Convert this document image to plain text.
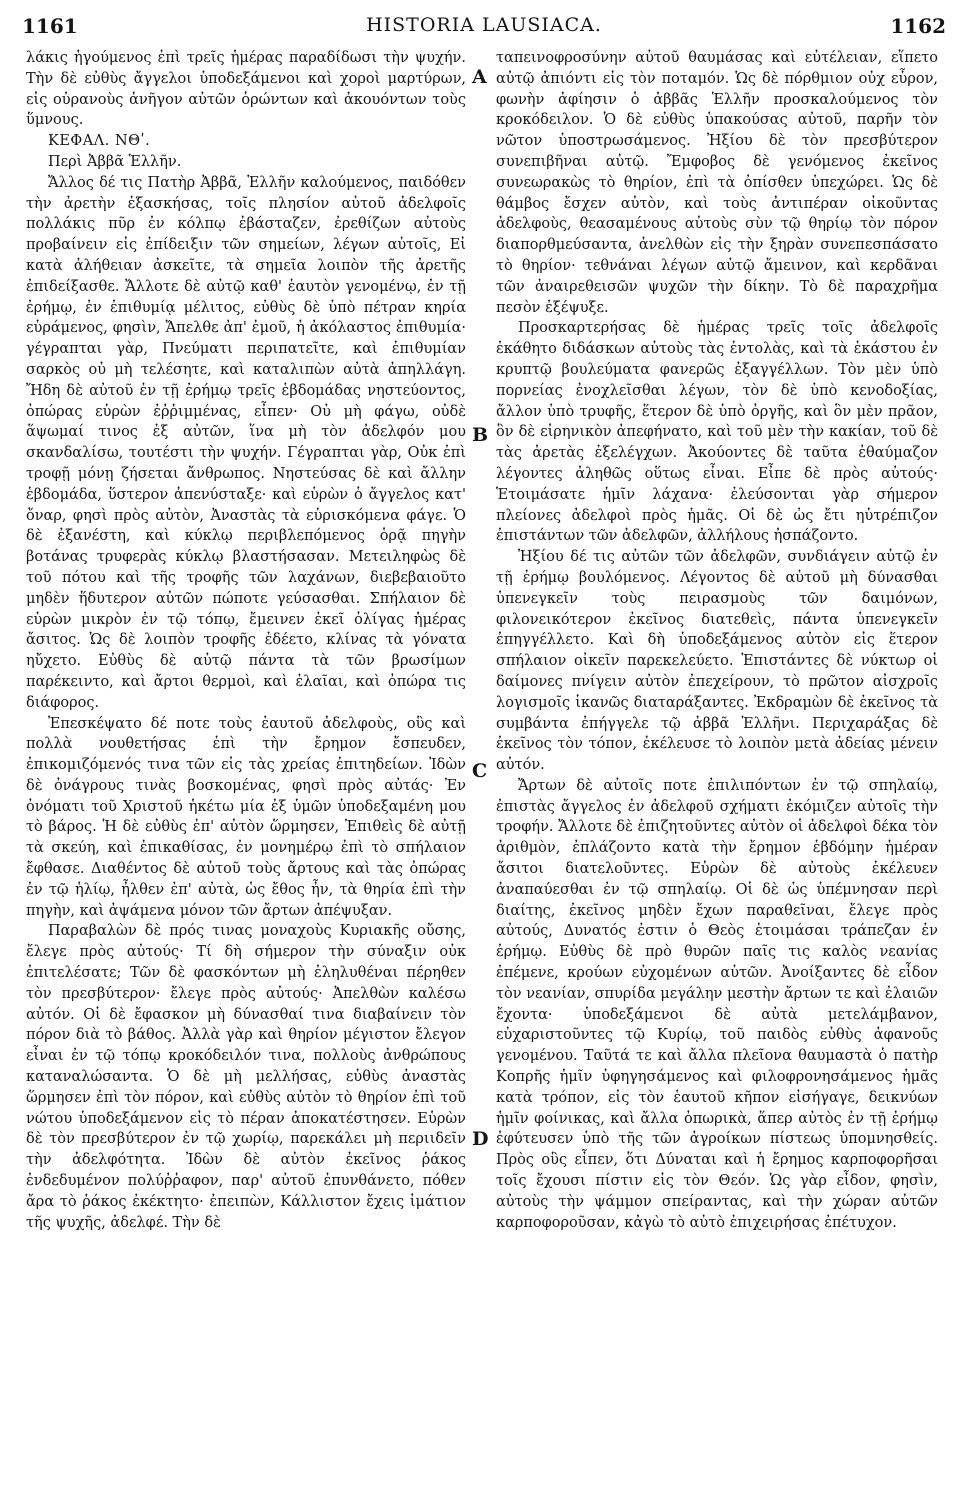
1161	HISTORIA LAUSIACA.	1162
A
B
C
D

λάκις ἡγούμενος ἐπὶ τρεῖς ἡμέρας παραδίδωσι τὴν ψυχήν. Τὴν δὲ εὐθὺς ἄγγελοι ὑποδεξάμενοι καὶ χοροὶ μαρτύρων, εἰς οὐρανοὺς ἀνῆγον αὐτῶν ὁρώντων καὶ ἀκουόντων τοὺς ὕμνους.

ΚΕΦΑΛ. ΝΘʹ.

Περὶ Ἀββᾶ Ἑλλῆν.

Ἄλλος δέ τις Πατὴρ Ἀββᾶ, Ἑλλῆν καλούμενος, παιδόθεν τὴν ἀρετὴν ἐξασκήσας, τοῖς πλησίον αὐτοῦ ἀδελφοῖς πολλάκις πῦρ ἐν κόλπῳ ἐβάσταζεν, ἐρεθίζων αὐτοὺς προβαίνειν εἰς ἐπίδειξιν τῶν σημείων, λέγων αὐτοῖς, Εἰ κατὰ ἀλήθειαν ἀσκεῖτε, τὰ σημεῖα λοιπὸν τῆς ἀρετῆς ἐπιδείξασθε. Ἄλλοτε δὲ αὐτῷ καθ' ἑαυτὸν γενομένῳ, ἐν τῇ ἐρήμῳ, ἐν ἐπιθυμίᾳ μέλιτος, εὐθὺς δὲ ὑπὸ πέτραν κηρία εὑράμενος, φησὶν, Ἄπελθε ἀπ' ἐμοῦ, ἡ ἀκόλαστος ἐπιθυμία· γέγραπται γὰρ, Πνεύματι περιπατεῖτε, καὶ ἐπιθυμίαν σαρκὸς οὐ μὴ τελέσητε, καὶ καταλιπὼν αὐτὰ ἀπηλλάγη. Ἤδη δὲ αὐτοῦ ἐν τῇ ἐρήμῳ τρεῖς ἑβδομάδας νηστεύοντος, ὀπώρας εὑρὼν ἐῤῥιμμένας, εἶπεν· Οὐ μὴ φάγω, οὐδὲ ἅψωμαί τινος ἐξ αὐτῶν, ἵνα μὴ τὸν ἀδελφόν μου σκανδαλίσω, τουτέστι τὴν ψυχήν. Γέγραπται γὰρ, Οὐκ ἐπὶ τροφῇ μόνῃ ζήσεται ἄνθρωπος. Νηστεύσας δὲ καὶ ἄλλην ἑβδομάδα, ὕστερον ἀπενύσταξε· καὶ εὑρὼν ὁ ἄγγελος κατ' ὄναρ, φησὶ πρὸς αὐτὸν, Ἀναστὰς τὰ εὑρισκόμενα φάγε. Ὁ δὲ ἐξανέστη, καὶ κύκλῳ περιβλεπόμενος ὁρᾷ πηγὴν βοτάνας τρυφερὰς κύκλῳ βλαστήσασαν. Μετειληφὼς δὲ τοῦ πότου καὶ τῆς τροφῆς τῶν λαχάνων, διεβεβαιοῦτο μηδὲν ἥδυτερον αὐτῶν πώποτε γεύσασθαι. Σπήλαιον δὲ εὑρὼν μικρὸν ἐν τῷ τόπῳ, ἔμεινεν ἐκεῖ ὀλίγας ἡμέρας ἄσιτος. Ὡς δὲ λοιπὸν τροφῆς ἐδέετο, κλίνας τὰ γόνατα ηὔχετο. Εὐθὺς δὲ αὐτῷ πάντα τὰ τῶν βρωσίμων παρέκειντο, καὶ ἄρτοι θερμοὶ, καὶ ἐλαῖαι, καὶ ὀπώρα τις διάφορος.

Ἐπεσκέψατο δέ ποτε τοὺς ἑαυτοῦ ἀδελφοὺς, οὓς καὶ πολλὰ νουθετήσας ἐπὶ τὴν ἔρημον ἔσπευδεν, ἐπικομιζόμενός τινα τῶν εἰς τὰς χρείας ἐπιτηδείων. Ἰδὼν δὲ ὀνάγρους τινὰς βοσκομένας, φησὶ πρὸς αὐτάς· Ἐν ὀνόματι τοῦ Χριστοῦ ἡκέτω μία ἐξ ὑμῶν ὑποδεξαμένη μου τὸ βάρος. Ἡ δὲ εὐθὺς ἐπ' αὐτὸν ὥρμησεν, Ἐπιθεὶς δὲ αὐτῇ τὰ σκεύη, καὶ ἐπικαθίσας, ἐν μονημέρῳ ἐπὶ τὸ σπήλαιον ἔφθασε. Διαθέντος δὲ αὐτοῦ τοὺς ἄρτους καὶ τὰς ὀπώρας ἐν τῷ ἡλίῳ, ἦλθεν ἐπ' αὐτὰ, ὡς ἔθος ἦν, τὰ θηρία ἐπὶ τὴν πηγὴν, καὶ ἀψάμενα μόνον τῶν ἄρτων ἀπέψυξαν.

Παραβαλὼν δὲ πρός τινας μοναχοὺς Κυριακῆς οὔσης, ἔλεγε πρὸς αὐτούς· Τί δὴ σήμερον τὴν σύναξιν οὐκ ἐπιτελέσατε; Τῶν δὲ φασκόντων μὴ ἐληλυθέναι πέρηθεν τὸν πρεσβύτερον· ἔλεγε πρὸς αὐτούς· Ἀπελθὼν καλέσω αὐτόν. Οἱ δὲ ἔφασκον μὴ δύνασθαί τινα διαβαίνειν τὸν πόρον διὰ τὸ βάθος. Ἀλλὰ γὰρ καὶ θηρίον μέγιστον ἔλεγον εἶναι ἐν τῷ τόπῳ κροκόδειλόν τινα, πολλοὺς ἀνθρώπους καταναλώσαντα. Ὁ δὲ μὴ μελλήσας, εὐθὺς ἀναστὰς ὥρμησεν ἐπὶ τὸν πόρον, καὶ εὐθὺς αὐτὸν τὸ θηρίον ἐπὶ τοῦ νώτου ὑποδεξάμενον εἰς τὸ πέραν ἀποκατέστησεν. Εὑρὼν δὲ τὸν πρεσβύτερον ἐν τῷ χωρίῳ, παρεκάλει μὴ περιιδεῖν τὴν ἀδελφότητα. Ἰδὼν δὲ αὐτὸν ἐκεῖνος ῥάκος ἐνδεδυμένον πολύῤῥαφον, παρ' αὐτοῦ ἐπυνθάνετο, πόθεν ἄρα τὸ ῥάκος ἐκέκτητο· ἐπειπὼν, Κάλλιστον ἔχεις ἱμάτιον τῆς ψυχῆς, ἀδελφέ. Τὴν δὲ

ταπεινοφροσύνην αὐτοῦ θαυμάσας καὶ εὐτέλειαν, εἵπετο αὐτῷ ἀπιόντι εἰς τὸν ποταμόν. Ὡς δὲ πόρθμιον οὐχ εὗρον, φωνὴν ἀφίησιν ὁ ἀββᾶς Ἑλλῆν προσκαλούμενος τὸν κροκόδειλον. Ὁ δὲ εὐθὺς ὑπακούσας αὐτοῦ, παρῆν τὸν νῶτον ὑποστρωσάμενος. Ἠξίου δὲ τὸν πρεσβύτερον συνεπιβῆναι αὐτῷ. Ἔμφοβος δὲ γενόμενος ἐκεῖνος συνεωρακὼς τὸ θηρίον, ἐπὶ τὰ ὀπίσθεν ὑπεχώρει. Ὡς δὲ θάμβος ἔσχεν αὐτὸν, καὶ τοὺς ἀντιπέραν οἰκοῦντας ἀδελφοὺς, θεασαμένους αὐτοὺς σὺν τῷ θηρίῳ τὸν πόρον διαπορθμεύσαντα, ἀνελθὼν εἰς τὴν ξηρὰν συνεπεσπάσατο τὸ θηρίον· τεθνάναι λέγων αὐτῷ ἄμεινον, καὶ κερδᾶναι τῶν ἀναιρεθεισῶν ψυχῶν τὴν δίκην. Τὸ δὲ παραχρῆμα πεσὸν ἐξέψυξε.

Προσκαρτερήσας δὲ ἡμέρας τρεῖς τοῖς ἀδελφοῖς ἐκάθητο διδάσκων αὐτοὺς τὰς ἐντολὰς, καὶ τὰ ἑκάστου ἐν κρυπτῷ βουλεύματα φανερῶς ἐξαγγέλλων. Τὸν μὲν ὑπὸ πορνείας ἐνοχλεῖσθαι λέγων, τὸν δὲ ὑπὸ κενοδοξίας, ἄλλον ὑπὸ τρυφῆς, ἕτερον δὲ ὑπὸ ὀργῆς, καὶ ὃν μὲν πρᾶον, ὃν δὲ εἰρηνικὸν ἀπεφήνατο, καὶ τοῦ μὲν τὴν κακίαν, τοῦ δὲ τὰς ἀρετὰς ἐξελέγχων. Ἀκούοντες δὲ ταῦτα ἐθαύμαζον λέγοντες ἀληθῶς οὕτως εἶναι. Εἶπε δὲ πρὸς αὐτούς· Ἑτοιμάσατε ἡμῖν λάχανα· ἐλεύσονται γὰρ σήμερον πλείονες ἀδελφοὶ πρὸς ἡμᾶς. Οἱ δὲ ὡς ἔτι ηὐτρέπιζον ἐπιστάντων τῶν ἀδελφῶν, ἀλλήλους ἠσπάζοντο.

Ἠξίου δέ τις αὐτῶν τῶν ἀδελφῶν, συνδιάγειν αὐτῷ ἐν τῇ ἐρήμῳ βουλόμενος. Λέγοντος δὲ αὐτοῦ μὴ δύνασθαι ὑπενεγκεῖν τοὺς πειρασμοὺς τῶν δαιμόνων, φιλονεικότερον ἐκεῖνος διατεθεὶς, πάντα ὑπενεγκεῖν ἐπηγγέλλετο. Καὶ δὴ ὑποδεξάμενος αὐτὸν εἰς ἕτερον σπήλαιον οἰκεῖν παρεκελεύετο. Ἐπιστάντες δὲ νύκτωρ οἱ δαίμονες πνίγειν αὐτὸν ἐπεχείρουν, τὸ πρῶτον αἰσχροῖς λογισμοῖς ἱκανῶς διαταράξαντες. Ἐκδραμὼν δὲ ἐκεῖνος τὰ συμβάντα ἐπήγγελε τῷ ἀββᾶ Ἑλλῆνι. Περιχαράξας δὲ ἐκεῖνος τὸν τόπον, ἐκέλευσε τὸ λοιπὸν μετὰ ἀδείας μένειν αὐτόν.

Ἄρτων δὲ αὐτοῖς ποτε ἐπιλιπόντων ἐν τῷ σπηλαίῳ, ἐπιστὰς ἄγγελος ἐν ἀδελφοῦ σχήματι ἐκόμιζεν αὐτοῖς τὴν τροφήν. Ἄλλοτε δὲ ἐπιζητοῦντες αὐτὸν οἱ ἀδελφοὶ δέκα τὸν ἀριθμὸν, ἐπλάζοντο κατὰ τὴν ἔρημον ἑβδόμην ἡμέραν ἄσιτοι διατελοῦντες. Εὑρὼν δὲ αὐτοὺς ἐκέλευεν ἀναπαύεσθαι ἐν τῷ σπηλαίῳ. Οἱ δὲ ὡς ὑπέμνησαν περὶ διαίτης, ἐκεῖνος μηδὲν ἔχων παραθεῖναι, ἔλεγε πρὸς αὐτούς, Δυνατός ἐστιν ὁ Θεὸς ἑτοιμάσαι τράπεζαν ἐν ἐρήμῳ. Εὐθὺς δὲ πρὸ θυρῶν παῖς τις καλὸς νεανίας ἐπέμενε, κρούων εὐχομένων αὐτῶν. Ἀνοίξαντες δὲ εἶδον τὸν νεανίαν, σπυρίδα μεγάλην μεστὴν ἄρτων τε καὶ ἐλαιῶν ἔχοντα· ὑποδεξάμενοι δὲ αὐτὰ μετελάμβανον, εὐχαριστοῦντες τῷ Κυρίῳ, τοῦ παιδὸς εὐθὺς ἀφανοῦς γενομένου. Ταῦτά τε καὶ ἄλλα πλεῖονα θαυμαστὰ ὁ πατὴρ Κοπρῆς ἡμῖν ὑφηγησάμενος καὶ φιλοφρονησάμενος ἡμᾶς κατὰ τρόπον, εἰς τὸν ἑαυτοῦ κῆπον εἰσήγαγε, δεικνύων ἡμῖν φοίνικας, καὶ ἄλλα ὀπωρικὰ, ἅπερ αὐτὸς ἐν τῇ ἐρήμῳ ἐφύτευσεν ὑπὸ τῆς τῶν ἀγροίκων πίστεως ὑπομνησθείς. Πρὸς οὓς εἶπεν, ὅτι Δύναται καὶ ἡ ἔρημος καρποφορῆσαι τοῖς ἔχουσι πίστιν εἰς τὸν Θεόν. Ὡς γὰρ εἶδον, φησὶν, αὐτοὺς τὴν ψάμμον σπείραντας, καὶ τὴν χώραν αὐτῶν καρποφοροῦσαν, κἀγὼ τὸ αὐτὸ ἐπιχειρήσας ἐπέτυχον.
